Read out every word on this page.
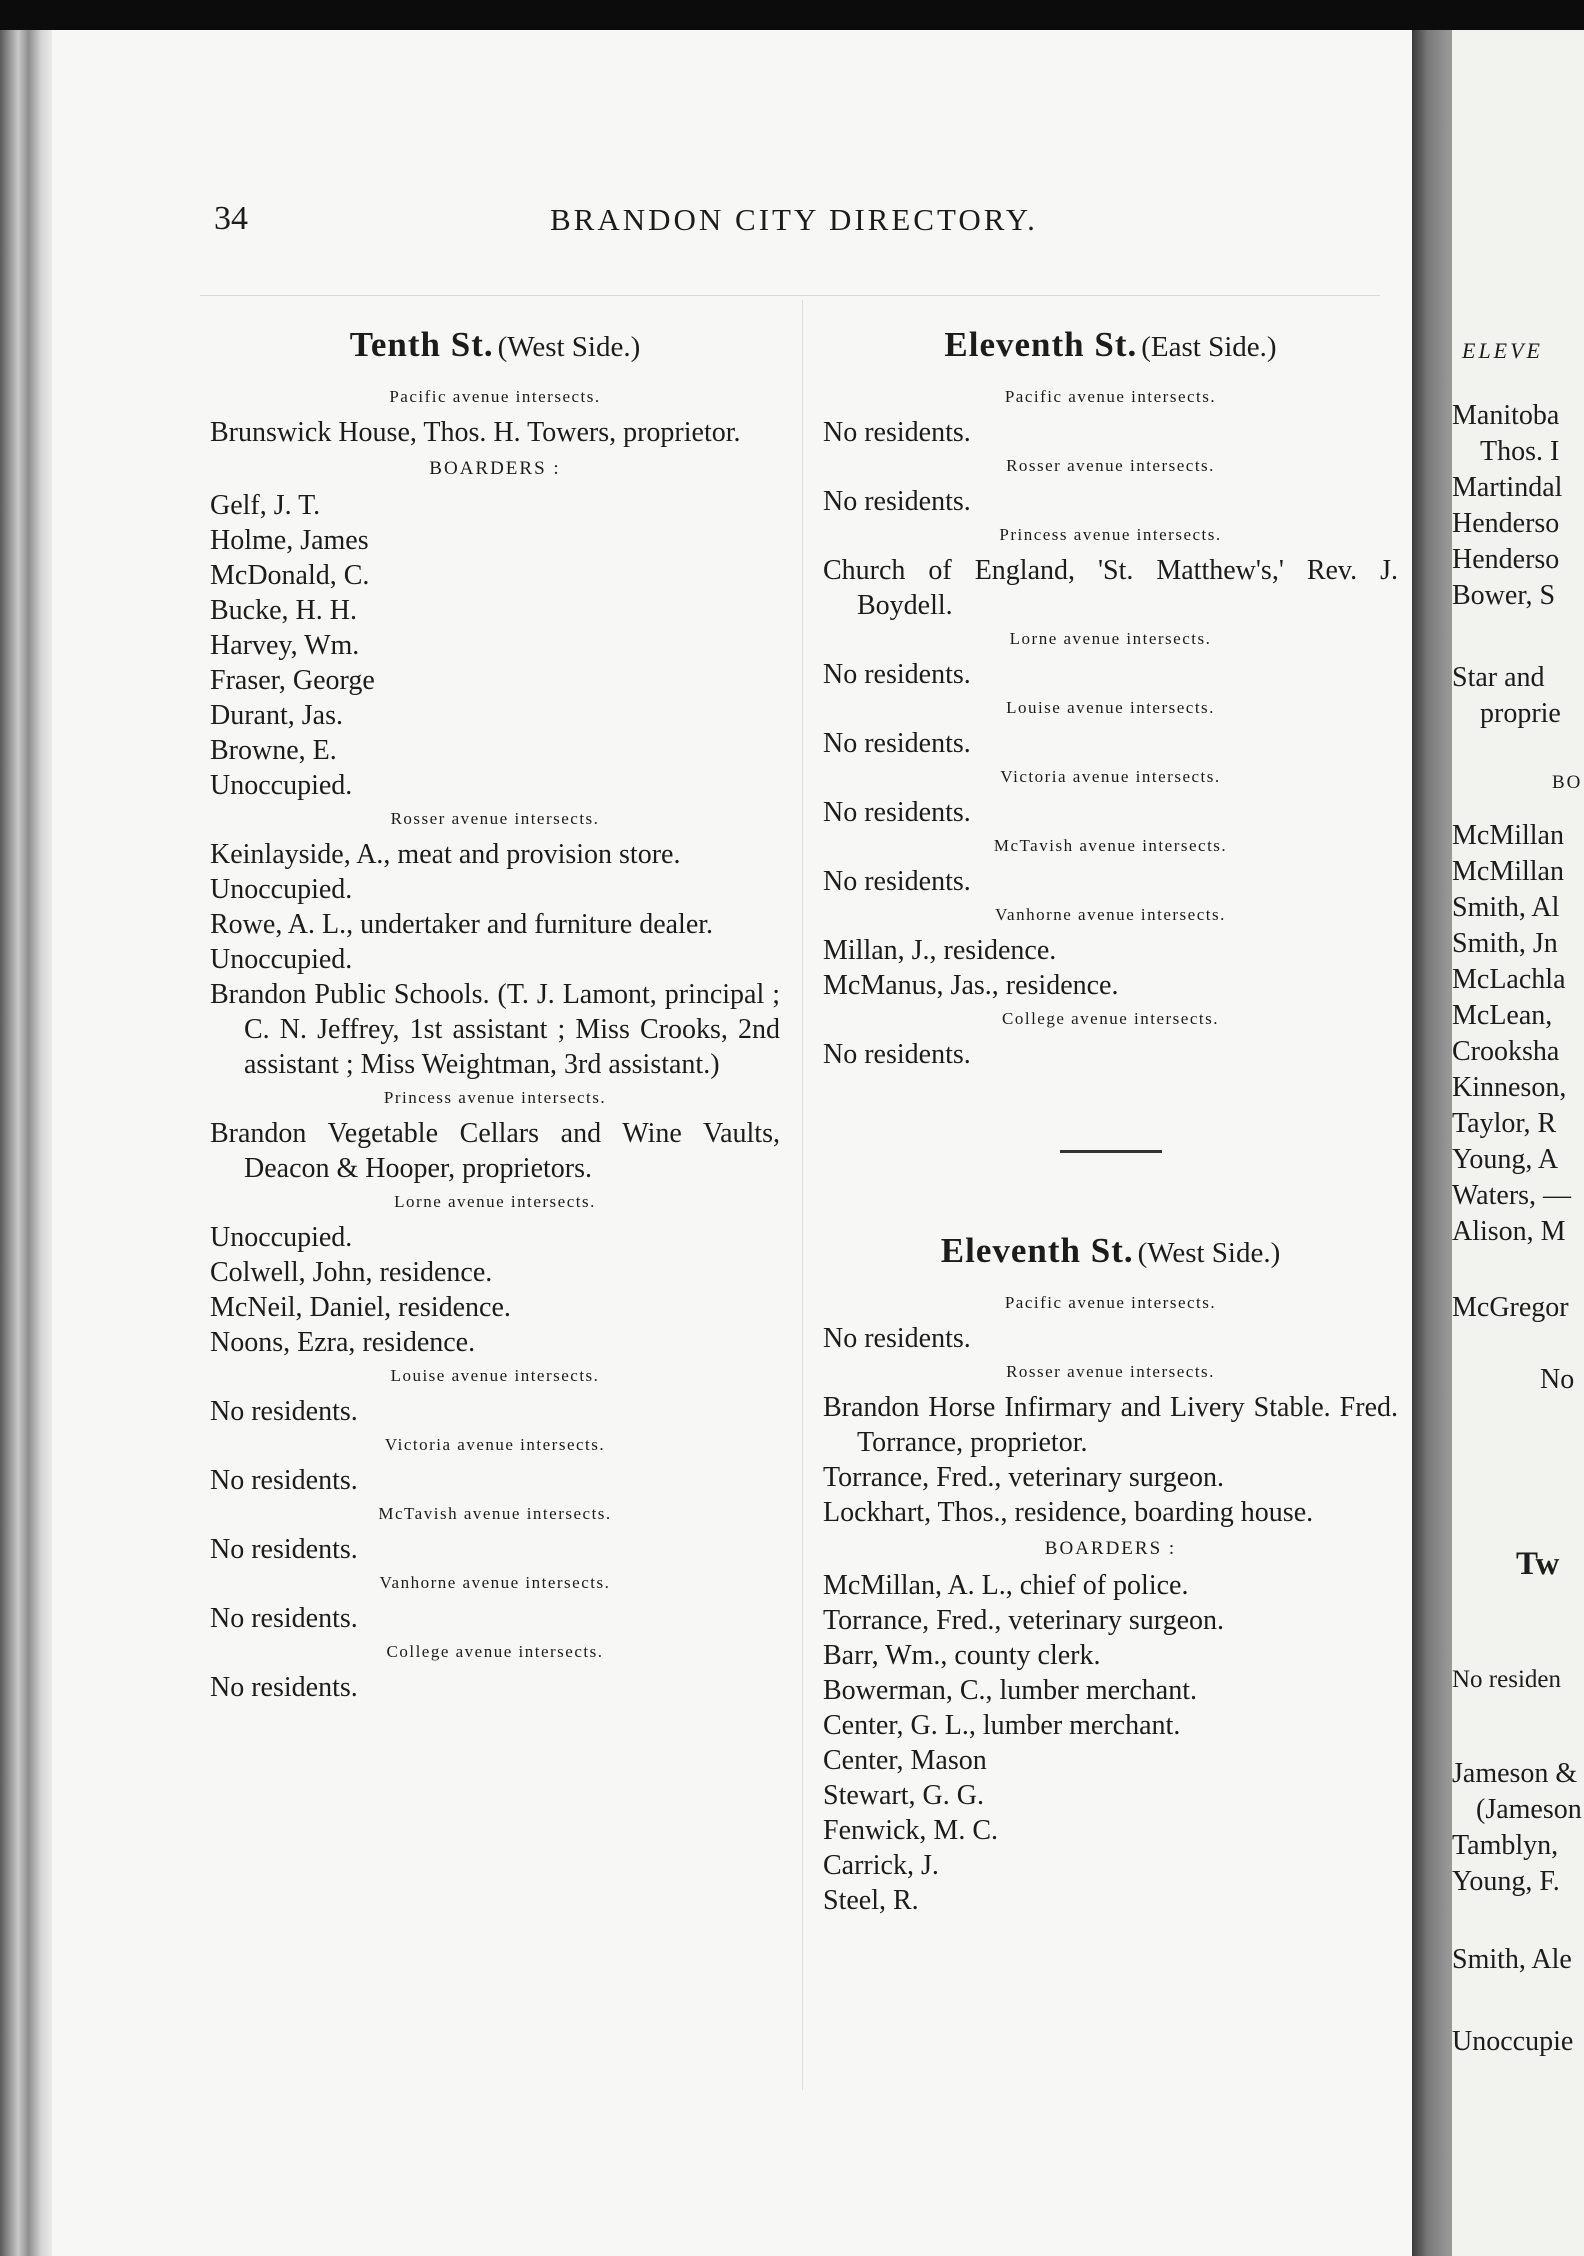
34	BRANDON CITY DIRECTORY.
Tenth St. (West Side.)
Pacific avenue intersects.
Brunswick House, Thos. H. Towers, proprietor.
BOARDERS :
Gelf, J. T.
Holme, James
McDonald, C.
Bucke, H. H.
Harvey, Wm.
Fraser, George
Durant, Jas.
Browne, E.
Unoccupied.
Rosser avenue intersects.
Keinlayside, A., meat and provision store.
Unoccupied.
Rowe, A. L., undertaker and furniture dealer.
Unoccupied.
Brandon Public Schools. (T. J. Lamont, principal ; C. N. Jeffrey, 1st assistant ; Miss Crooks, 2nd assistant ; Miss Weightman, 3rd assistant.)
Princess avenue intersects.
Brandon Vegetable Cellars and Wine Vaults, Deacon & Hooper, proprietors.
Lorne avenue intersects.
Unoccupied.
Colwell, John, residence.
McNeil, Daniel, residence.
Noons, Ezra, residence.
Louise avenue intersects.
No residents.
Victoria avenue intersects.
No residents.
McTavish avenue intersects.
No residents.
Vanhorne avenue intersects.
No residents.
College avenue intersects.
No residents.
Eleventh St. (East Side.)
Pacific avenue intersects.
No residents.
Rosser avenue intersects.
No residents.
Princess avenue intersects.
Church of England, 'St. Matthew's,' Rev. J. Boydell.
Lorne avenue intersects.
No residents.
Louise avenue intersects.
No residents.
Victoria avenue intersects.
No residents.
McTavish avenue intersects.
No residents.
Vanhorne avenue intersects.
Millan, J., residence.
McManus, Jas., residence.
College avenue intersects.
No residents.
Eleventh St. (West Side.)
Pacific avenue intersects.
No residents.
Rosser avenue intersects.
Brandon Horse Infirmary and Livery Stable. Fred. Torrance, proprietor.
Torrance, Fred., veterinary surgeon.
Lockhart, Thos., residence, boarding house.
BOARDERS :
McMillan, A. L., chief of police.
Torrance, Fred., veterinary surgeon.
Barr, Wm., county clerk.
Bowerman, C., lumber merchant.
Center, G. L., lumber merchant.
Center, Mason
Stewart, G. G.
Fenwick, M. C.
Carrick, J.
Steel, R.
ELEVE
Manitoba
Thos. I
Martindal
Henderso
Henderso
Bower, S
Star and
proprie
BO
McMillan
McMillan
Smith, Al
Smith, Jn
McLachla
McLean,
Crooksha
Kinneson,
Taylor, R
Young, A
Waters, —
Alison, M
McGregor
No
Tw
No residen
Jameson &
(Jameson
Tamblyn,
Young, F.
Smith, Ale
Unoccupie
